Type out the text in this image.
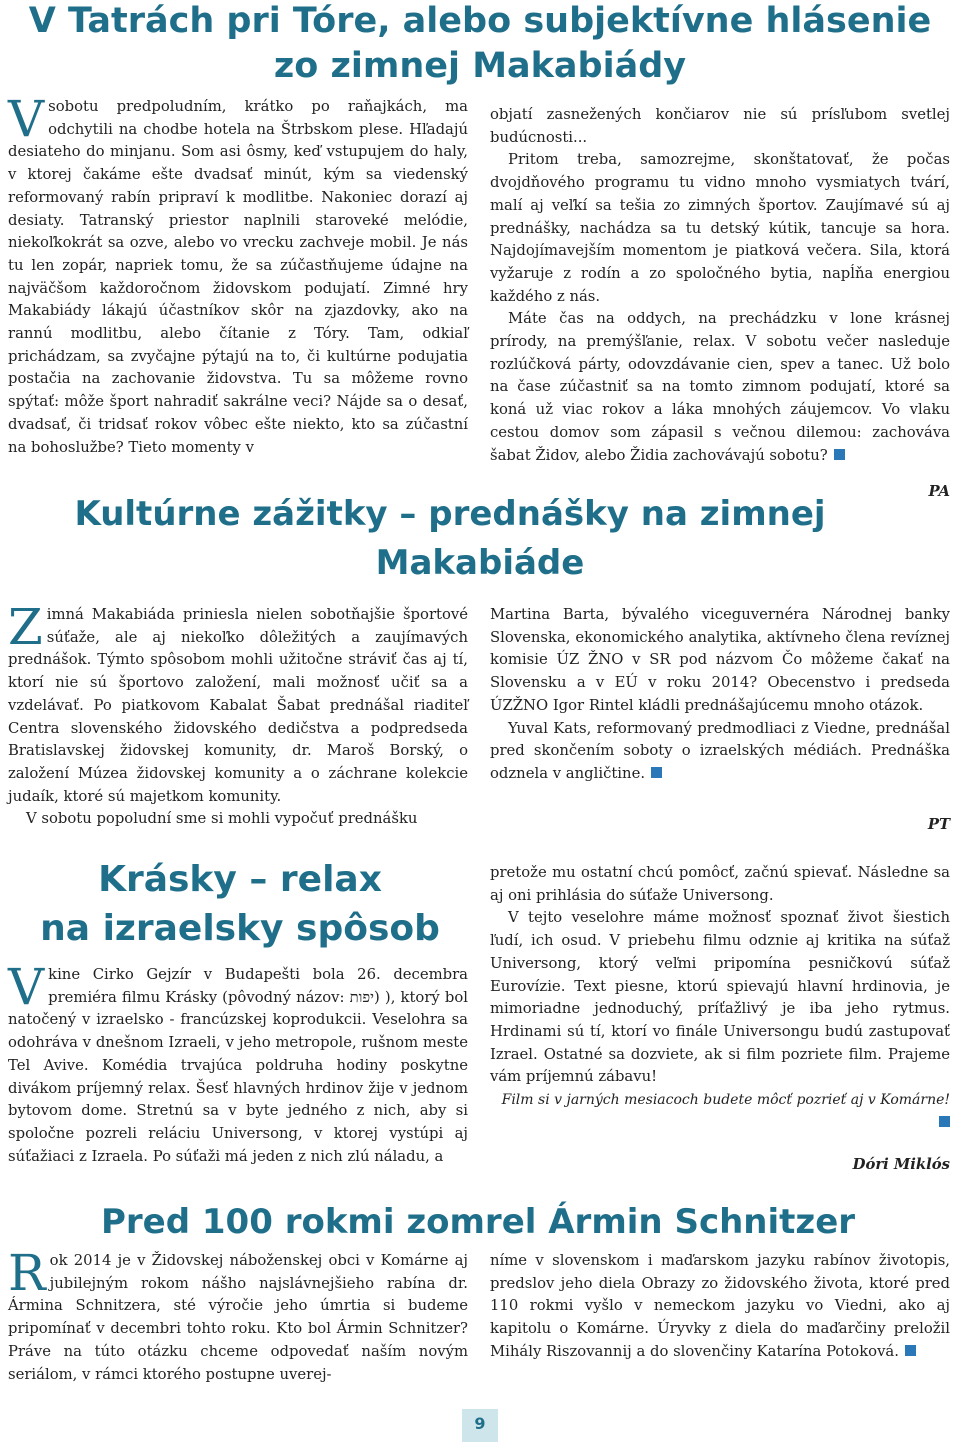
V Tatrách pri Tóre, alebo subjektívne hlásenie
zo zimnej Makabiády

Vsobotu predpoludním, krátko po raňajkách, ma odchytili na chodbe hotela na Štrbskom plese. Hľadajú desiateho do minjanu. Som asi ôsmy, keď vstupujem do haly, v ktorej čakáme ešte dvadsať minút, kým sa viedenský reformovaný rabín pripraví k modlitbe. Nakoniec dorazí aj desiaty. Tatranský priestor naplnili staroveké melódie, niekoľkokrát sa ozve, alebo vo vrecku zachveje mobil. Je nás tu len zopár, napriek tomu, že sa zúčastňujeme údajne na najväčšom každoročnom židovskom podujatí. Zimné hry Makabiády lákajú účastníkov skôr na zjazdovky, ako na rannú modlitbu, alebo čítanie z Tóry. Tam, odkiaľ prichádzam, sa zvyčajne pýtajú na to, či kultúrne podujatia postačia na zachovanie židovstva. Tu sa môžeme rovno spýtať: môže šport nahradiť sakrálne veci? Nájde sa o desať, dvadsať, či tridsať rokov vôbec ešte niekto, kto sa zúčastní na bohoslužbe? Tieto momenty v

objatí zasnežených končiarov nie sú prísľubom svetlej budúcnosti...

Pritom treba, samozrejme, skonštatovať, že počas dvojdňového programu tu vidno mnoho vysmiatych tvárí, malí aj veľkí sa tešia zo zimných športov. Zaujímavé sú aj prednášky, nachádza sa tu detský kútik, tancuje sa hora. Najdojímavejším momentom je piatková večera. Sila, ktorá vyžaruje z rodín a zo spoločného bytia, napĺňa energiou každého z nás.

Máte čas na oddych, na prechádzku v lone krásnej prírody, na premýšľanie, relax. V sobotu večer nasleduje rozlúčková párty, odovzdávanie cien, spev a tanec. Už bolo na čase zúčastniť sa na tomto zimnom podujatí, ktoré sa koná už viac rokov a láka mnohých záujemcov. Vo vlaku cestou domov som zápasil s večnou dilemou: zachováva šabat Židov, alebo Židia zachovávajú sobotu?

PA

Kultúrne zážitky – prednášky na zimnej
Makabiáde

Zimná Makabiáda priniesla nielen sobotňajšie športové súťaže, ale aj niekoľko dôležitých a zaujímavých prednášok. Týmto spôsobom mohli užitočne stráviť čas aj tí, ktorí nie sú športovo založení, mali možnosť učiť sa a vzdelávať. Po piatkovom Kabalat Šabat prednášal riaditeľ Centra slovenského židovského dedičstva a podpredseda Bratislavskej židovskej komunity, dr. Maroš Borský, o založení Múzea židovskej komunity a o záchrane kolekcie judaík, ktoré sú majetkom komunity.

V sobotu popoludní sme si mohli vypočuť prednášku

Martina Barta, bývalého viceguvernéra Národnej banky Slovenska, ekonomického analytika, aktívneho člena revíznej komisie ÚZ ŽNO v SR pod názvom Čo môžeme čakať na Slovensku a v EÚ v roku 2014? Obecenstvo i predseda ÚZŽNO Igor Rintel kládli prednášajúcemu mnoho otázok.

Yuval Kats, reformovaný predmodliaci z Viedne, prednášal pred skončením soboty o izraelských médiách. Prednáška odznela v angličtine.

PT

Krásky – relax
na izraelsky spôsob

Vkine Cirko Gejzír v Budapešti bola 26. decembra premiéra filmu Krásky (pôvodný názov: יפות) ), ktorý bol natočený v izraelsko - francúzskej koprodukcii. Veselohra sa odohráva v dnešnom Izraeli, v jeho metropole, rušnom meste Tel Avive. Komédia trvajúca poldruha hodiny poskytne divákom príjemný relax. Šesť hlavných hrdinov žije v jednom bytovom dome. Stretnú sa v byte jedného z nich, aby si spoločne pozreli reláciu Universong, v ktorej vystúpi aj súťažiaci z Izraela. Po súťaži má jeden z nich zlú náladu, a

pretože mu ostatní chcú pomôcť, začnú spievať. Následne sa aj oni prihlásia do súťaže Universong.

V tejto veselohre máme možnosť spoznať život šiestich ľudí, ich osud. V priebehu filmu odznie aj kritika na súťaž Universong, ktorý veľmi pripomína pesničkovú súťaž Eurovízie. Text piesne, ktorú spievajú hlavní hrdinovia, je mimoriadne jednoduchý, príťažlivý je iba jeho rytmus. Hrdinami sú tí, ktorí vo finále Universongu budú zastupovať Izrael. Ostatné sa dozviete, ak si film pozriete film. Prajeme vám príjemnú zábavu!

Film si v jarných mesiacoch budete môcť pozrieť aj v Komárne!

Dóri Miklós

Pred 100 rokmi zomrel Ármin Schnitzer

Rok 2014 je v Židovskej náboženskej obci v Komárne aj jubilejným rokom nášho najslávnejšieho rabína dr. Ármina Schnitzera, sté výročie jeho úmrtia si budeme pripomínať v decembri tohto roku. Kto bol Ármin Schnitzer? Práve na túto otázku chceme odpovedať naším novým seriálom, v rámci ktorého postupne uverej-

níme v slovenskom i maďarskom jazyku rabínov životopis, predslov jeho diela Obrazy zo židovského života, ktoré pred 110 rokmi vyšlo v nemeckom jazyku vo Viedni, ako aj kapitolu o Komárne. Úryvky z diela do maďarčiny preložil Mihály Riszovannij a do slovenčiny Katarína Potoková.

9
